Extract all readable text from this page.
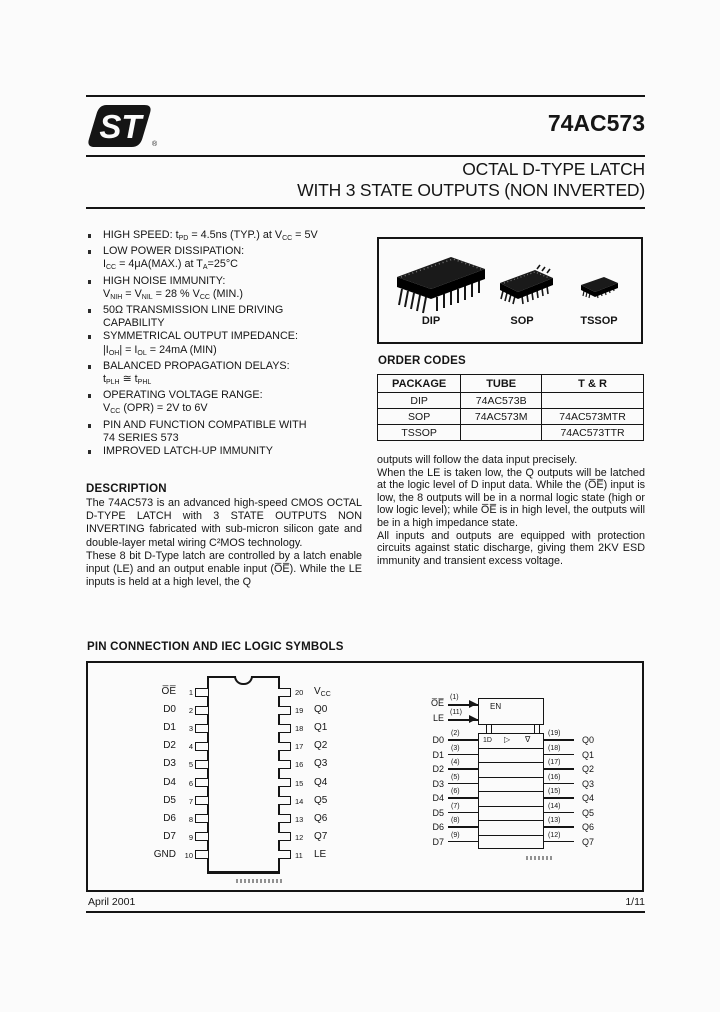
ST	®
74AC573
OCTAL D-TYPE LATCH
WITH 3 STATE OUTPUTS (NON INVERTED)
HIGH SPEED: $t_{PD} = 4.5ns$ (TYP.) at $V_{CC} = 5V$
LOW POWER DISSIPATION:
$I_{CC} = 4\mu A(MAX.)$ at $T_A=25^\circ C$
HIGH NOISE IMMUNITY:
$V_{NIH} = V_{NIL} = 28$ % $V_{CC}$ (MIN.)
50Ω TRANSMISSION LINE DRIVING
CAPABILITY
SYMMETRICAL OUTPUT IMPEDANCE:
$|I_{OH}| = I_{OL} = 24mA$ (MIN)
BALANCED PROPAGATION DELAYS:
$t_{PLH}$ ≅ $t_{PHL}$
OPERATING VOLTAGE RANGE:
$V_{CC}$ (OPR) = 2V to 6V
PIN AND FUNCTION COMPATIBLE WITH
74 SERIES 573
IMPROVED LATCH-UP IMMUNITY
DIP	SOP	TSSOP
ORDER CODES
PACKAGE	TUBE	T & R
DIP	74AC573B	
SOP	74AC573M	74AC573MTR
TSSOP		74AC573TTR

outputs will follow the data input precisely.

When the LE is taken low, the Q outputs will be latched at the logic level of D input data. While the (O̅E̅) input is low, the 8 outputs will be in a normal logic state (high or low logic level); while O̅E̅ is in high level, the outputs will be in a high impedance state.

All inputs and outputs are equipped with protection circuits against static discharge, giving them 2KV ESD immunity and transient excess voltage.

DESCRIPTION

The 74AC573 is an advanced high-speed CMOS OCTAL D-TYPE LATCH with 3 STATE OUTPUTS NON INVERTING fabricated with sub-micron silicon gate and double-layer metal wiring C²MOS technology.

These 8 bit D-Type latch are controlled by a latch enable input (LE) and an output enable input (O̅E̅). While the LE inputs is held at a high level, the Q

PIN CONNECTION AND IEC LOGIC SYMBOLS
1
O̅E̅
2
D0
3
D1
4
D2
5
D3
6
D4
7
D5
8
D6
9
D7
10
GND
20	$V_{CC}$
19	Q0
18	Q1
17	Q2
16	Q3
15	Q4
14	Q5
13	Q6
12	Q7
11	LE
EN
1D ▷ ∇
O̅E̅
(1)
LE
(11)
(2)
D0
(3)
D1
(4)
D2
(5)
D3
(6)
D4
(7)
D5
(8)
D6
(9)
D7
(19)
Q0
(18)
Q1
(17)
Q2
(16)
Q3
(15)
Q4
(14)
Q5
(13)
Q6
(12)
Q7
April 2001	1/11
